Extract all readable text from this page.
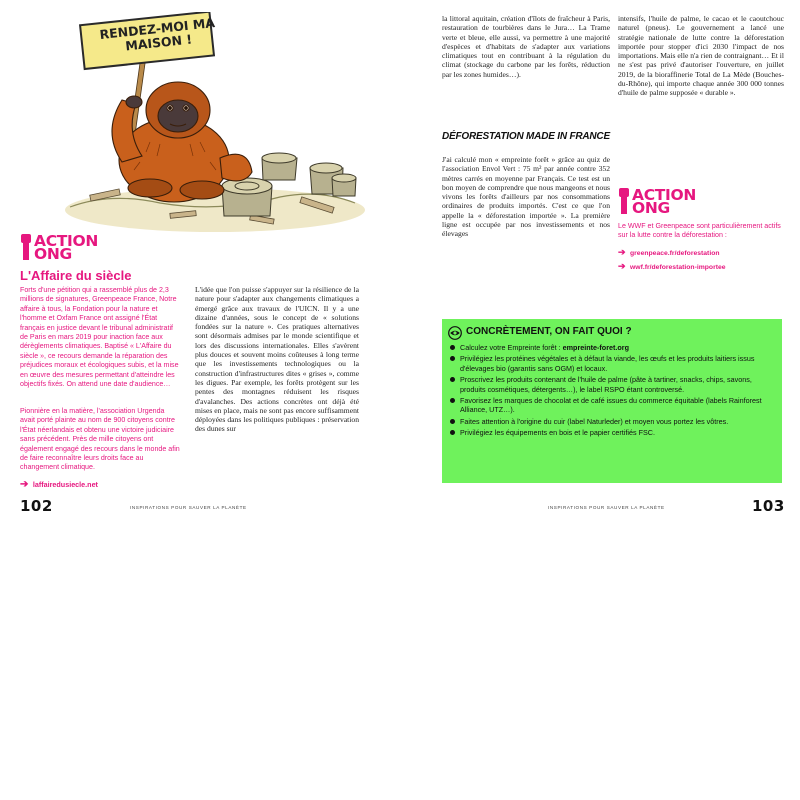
RENDEZ-MOI MA MAISON !
ACTION
ONG
L'Affaire du siècle

Forts d'une pétition qui a rassemblé plus de 2,3 millions de signatures, Greenpeace France, Notre affaire à tous, la Fondation pour la nature et l'homme et Oxfam France ont assigné l'État français en justice devant le tribunal administratif de Paris en mars 2019 pour inaction face aux dérèglements climatiques. Baptisé « L'Affaire du siècle », ce recours demande la réparation des préjudices moraux et écologiques subis, et la mise en œuvre des mesures permettant d'atteindre les objectifs fixés. On attend une date d'audience…

Pionnière en la matière, l'association Urgenda avait porté plainte au nom de 900 citoyens contre l'État néerlandais et obtenu une victoire judiciaire sans précédent. Près de mille citoyens ont également engagé des recours dans le monde afin de faire reconnaître leurs droits face au changement climatique.

➔ laffairedusiecle.net

L'idée que l'on puisse s'appuyer sur la résilience de la nature pour s'adapter aux changements climatiques a émergé grâce aux travaux de l'UICN. Il y a une dizaine d'années, sous le concept de « solutions fondées sur la nature ». Ces pratiques alternatives sont désormais admises par le monde scientifique et lors des discussions internationales. Elles s'avèrent plus douces et souvent moins coûteuses à long terme que les investissements technologiques ou la construction d'infrastructures dites « grises », comme les digues. Par exemple, les forêts protègent sur les pentes des montagnes réduisent les risques d'avalanches. Des actions concrètes ont déjà été mises en place, mais ne sont pas encore suffisamment déployées dans les politiques publiques : préservation des dunes sur

102	INSPIRATIONS POUR SAUVER LA PLANÈTE

la littoral aquitain, création d'îlots de fraîcheur à Paris, restauration de tourbières dans le Jura… La Trame verte et bleue, elle aussi, va permettre à une majorité d'espèces et d'habitats de s'adapter aux variations climatiques tout en contribuant à la régulation du climat (stockage du carbone par les forêts, réduction par les zones humides…).

DÉFORESTATION MADE IN FRANCE

J'ai calculé mon « empreinte forêt » grâce au quiz de l'association Envol Vert : 75 m² par année contre 352 mètres carrés en moyenne par Français. Ce test est un bon moyen de comprendre que nous mangeons et nous vivons les forêts d'ailleurs par nos consommations ordinaires de produits importés. C'est ce que l'on appelle la « déforestation importée ». La première ligne est occupée par nos investissements et nos élevages

intensifs, l'huile de palme, le cacao et le caoutchouc naturel (pneus). Le gouvernement a lancé une stratégie nationale de lutte contre la déforestation importée pour stopper d'ici 2030 l'impact de nos importations. Mais elle n'a rien de contraignant… Et il ne s'est pas privé d'autoriser l'ouverture, en juillet 2019, de la bioraffinerie Total de La Mède (Bouches-du-Rhône), qui importe chaque année 300 000 tonnes d'huile de palme supposée « durable ».

ACTION
ONG

Le WWF et Greenpeace sont particulièrement actifs sur la lutte contre la déforestation :

➔ greenpeace.fr/deforestation
➔ wwf.fr/deforestation-importee
CONCRÈTEMENT, ON FAIT QUOI ?
Calculez votre Empreinte forêt : empreinte-foret.org
Privilégiez les protéines végétales et à défaut la viande, les œufs et les produits laitiers issus d'élevages bio (garantis sans OGM) et locaux.
Proscrivez les produits contenant de l'huile de palme (pâte à tartiner, snacks, chips, savons, produits cosmétiques, détergents…), le label RSPO étant controversé.
Favorisez les marques de chocolat et de café issues du commerce équitable (labels Rainforest Alliance, UTZ…).
Faites attention à l'origine du cuir (label Naturleder) et moyen vous portez les vôtres.
Privilégiez les équipements en bois et le papier certifiés FSC.
INSPIRATIONS POUR SAUVER LA PLANÈTE	103
